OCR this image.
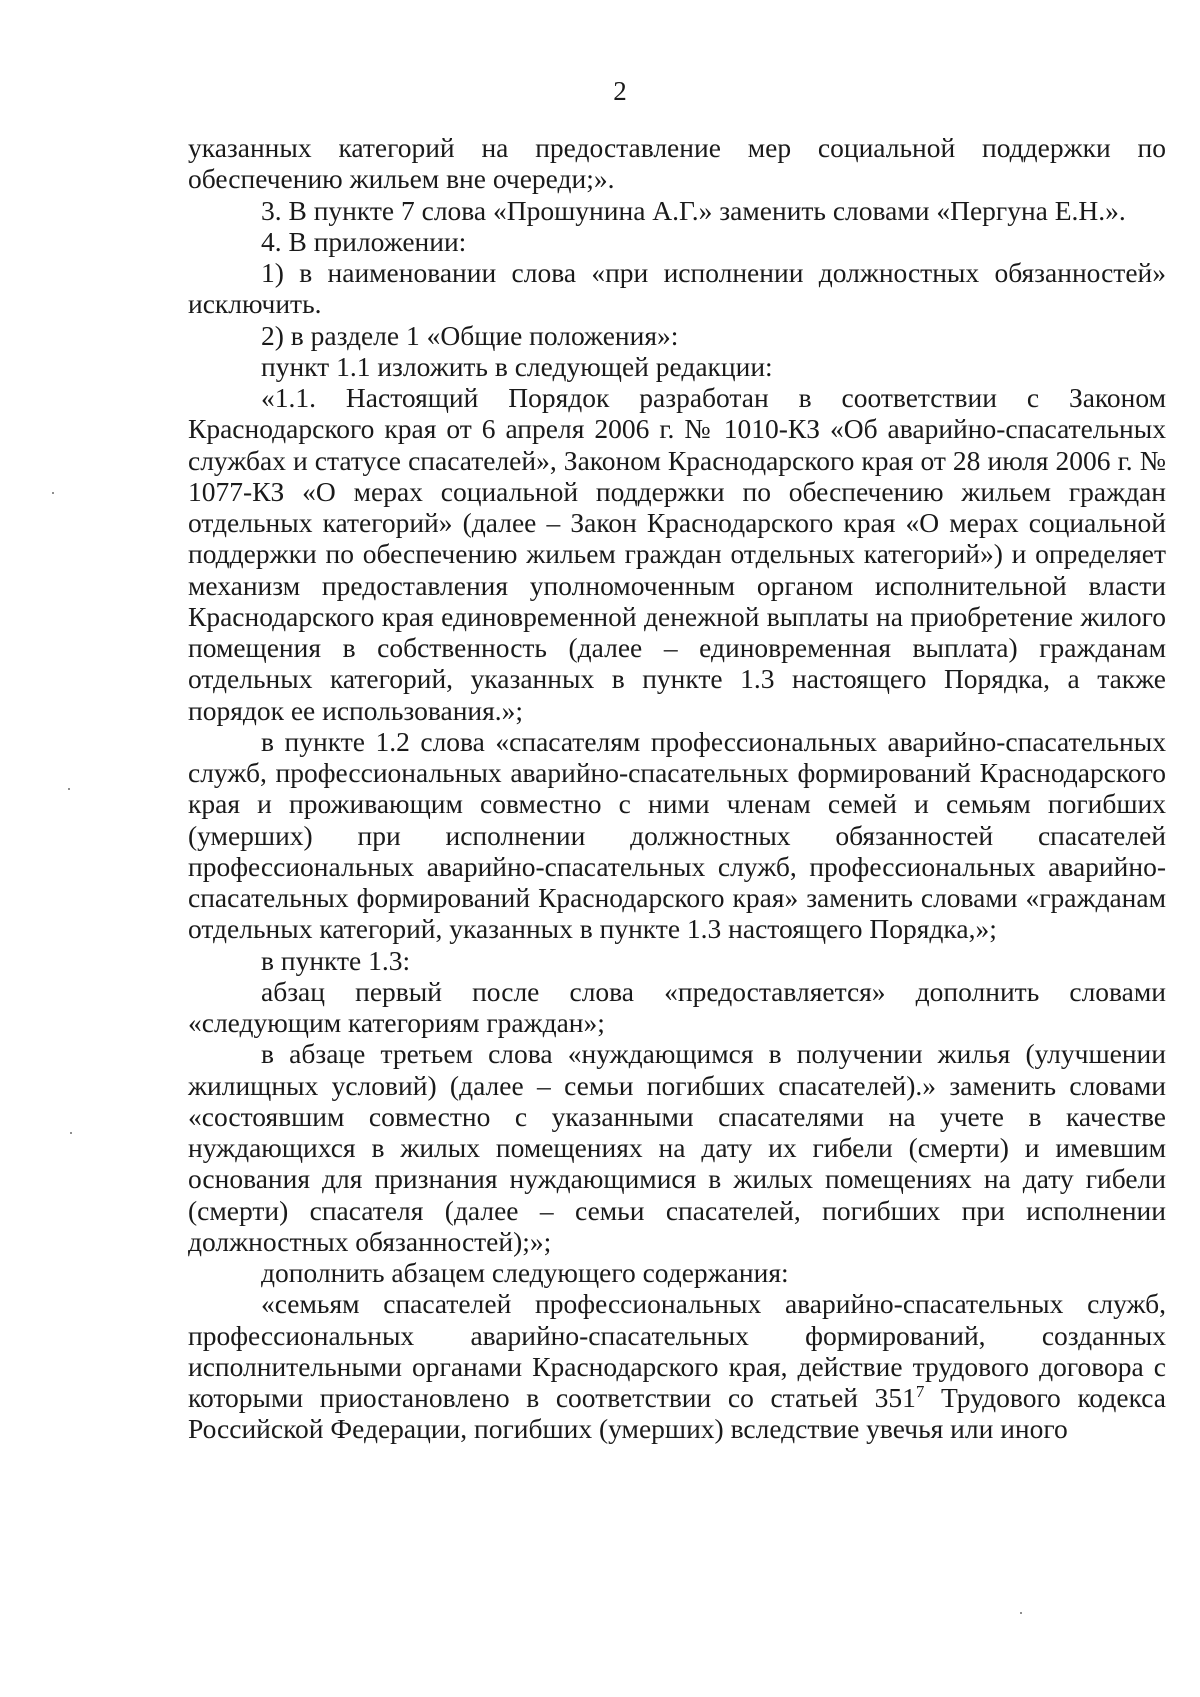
2

указанных категорий на предоставление мер социальной поддержки по обеспечению жильем вне очереди;».

3. В пункте 7 слова «Прошунина А.Г.» заменить словами «Пергуна Е.Н.».

4. В приложении:

1) в наименовании слова «при исполнении должностных обязанностей» исключить.

2) в разделе 1 «Общие положения»:

пункт 1.1 изложить в следующей редакции:

«1.1. Настоящий Порядок разработан в соответствии с Законом Краснодарского края от 6 апреля 2006 г. № 1010-КЗ «Об аварийно-спасательных службах и статусе спасателей», Законом Краснодарского края от 28 июля 2006 г. № 1077-КЗ «О мерах социальной поддержки по обеспечению жильем граждан отдельных категорий» (далее – Закон Краснодарского края «О мерах социальной поддержки по обеспечению жильем граждан отдельных категорий») и определяет механизм предоставления уполномоченным органом исполнительной власти Краснодарского края единовременной денежной выплаты на приобретение жилого помещения в собственность (далее – единовременная выплата) гражданам отдельных категорий, указанных в пункте 1.3 настоящего Порядка, а также порядок ее использования.»;

в пункте 1.2 слова «спасателям профессиональных аварийно-спасательных служб, профессиональных аварийно-спасательных формирований Краснодарского края и проживающим совместно с ними членам семей и семьям погибших (умерших) при исполнении должностных обязанностей спасателей профессиональных аварийно-спасательных служб, профессиональных аварийно-спасательных формирований Краснодарского края» заменить словами «гражданам отдельных категорий, указанных в пункте 1.3 настоящего Порядка,»;

в пункте 1.3:

абзац первый после слова «предоставляется» дополнить словами «следующим категориям граждан»;

в абзаце третьем слова «нуждающимся в получении жилья (улучшении жилищных условий) (далее – семьи погибших спасателей).» заменить словами «состоявшим совместно с указанными спасателями на учете в качестве нуждающихся в жилых помещениях на дату их гибели (смерти) и имевшим основания для признания нуждающимися в жилых помещениях на дату гибели (смерти) спасателя (далее – семьи спасателей, погибших при исполнении должностных обязанностей);»;

дополнить абзацем следующего содержания:

«семьям спасателей профессиональных аварийно-спасательных служб, профессиональных аварийно-спасательных формирований, созданных исполнительными органами Краснодарского края, действие трудового договора с которыми приостановлено в соответствии со статьей $351^7$ Трудового кодекса Российской Федерации, погибших (умерших) вследствие увечья или иного
